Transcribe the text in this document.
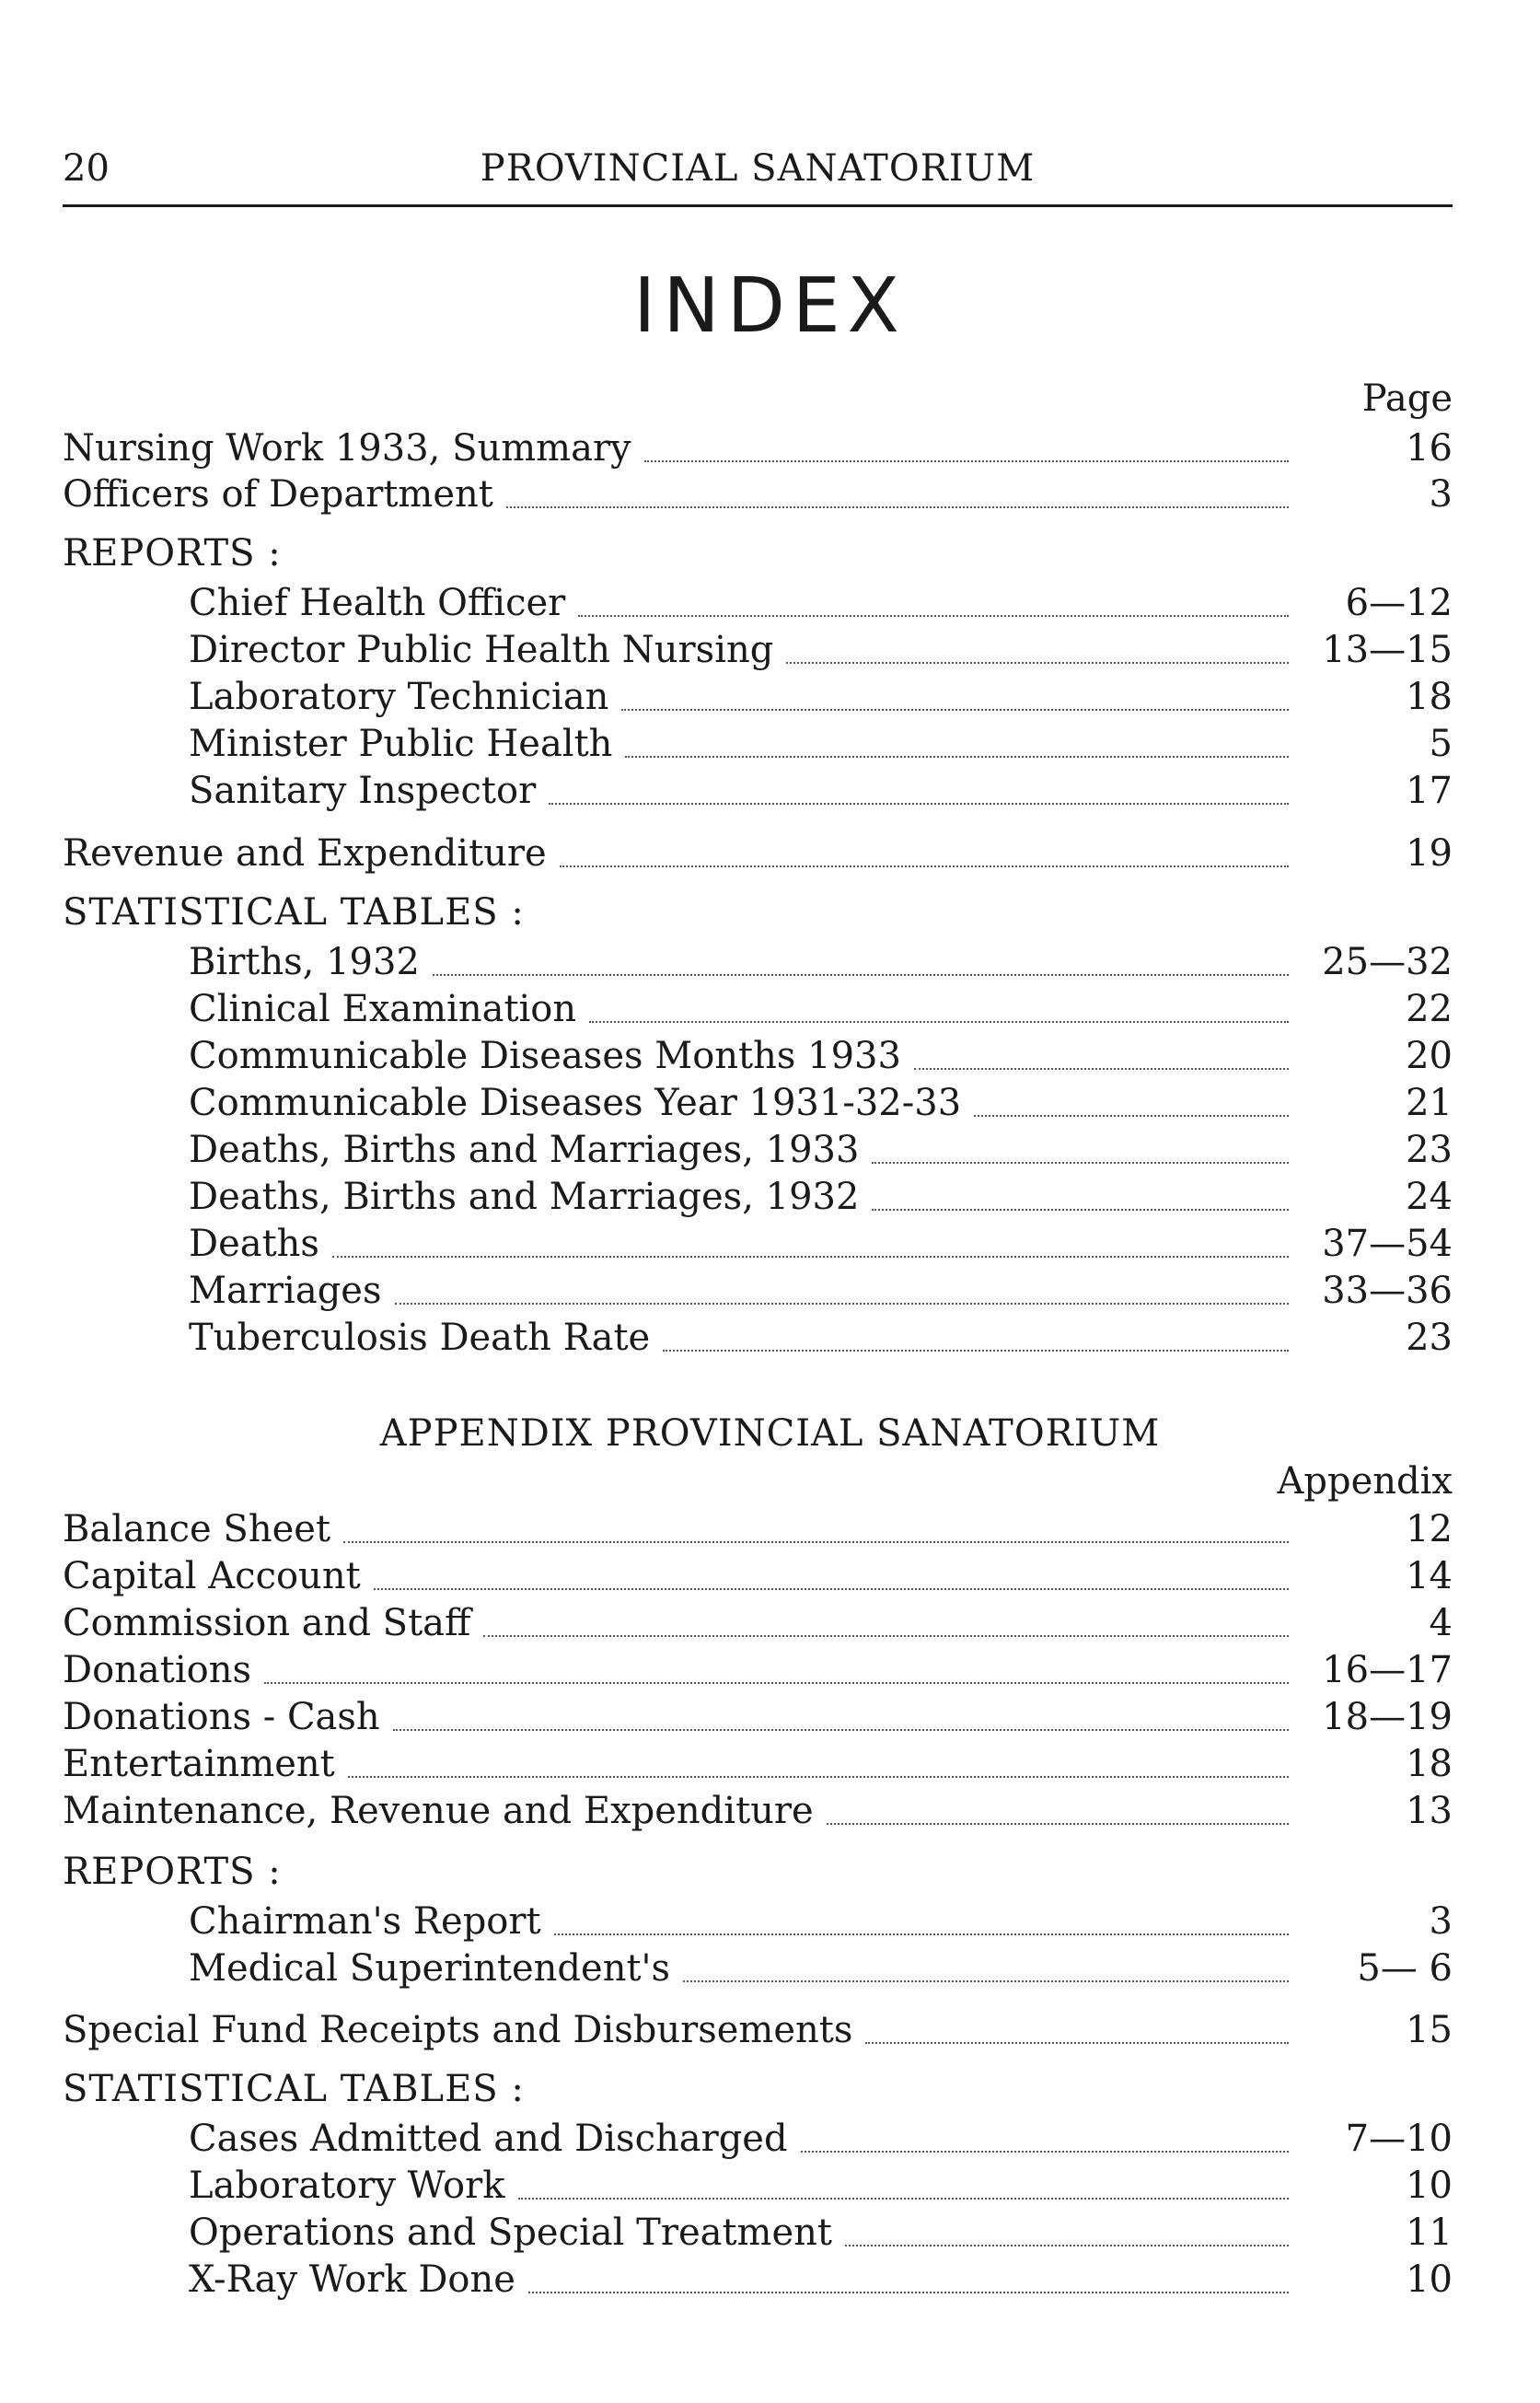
20	PROVINCIAL SANATORIUM
INDEX
Page
Nursing Work 1933, Summary	16
Officers of Department	3
REPORTS :
Chief Health Officer	6—12
Director Public Health Nursing	13—15
Laboratory Technician	18
Minister Public Health	5
Sanitary Inspector	17
Revenue and Expenditure	19
STATISTICAL TABLES :
Births, 1932	25—32
Clinical Examination	22
Communicable Diseases Months 1933	20
Communicable Diseases Year 1931-32-33	21
Deaths, Births and Marriages, 1933	23
Deaths, Births and Marriages, 1932	24
Deaths	37—54
Marriages	33—36
Tuberculosis Death Rate	23
APPENDIX PROVINCIAL SANATORIUM
Appendix
Balance Sheet	12
Capital Account	14
Commission and Staff	4
Donations	16—17
Donations - Cash	18—19
Entertainment	18
Maintenance, Revenue and Expenditure	13
REPORTS :
Chairman's Report	3
Medical Superintendent's	5— 6
Special Fund Receipts and Disbursements	15
STATISTICAL TABLES :
Cases Admitted and Discharged	7—10
Laboratory Work	10
Operations and Special Treatment	11
X-Ray Work Done	10
